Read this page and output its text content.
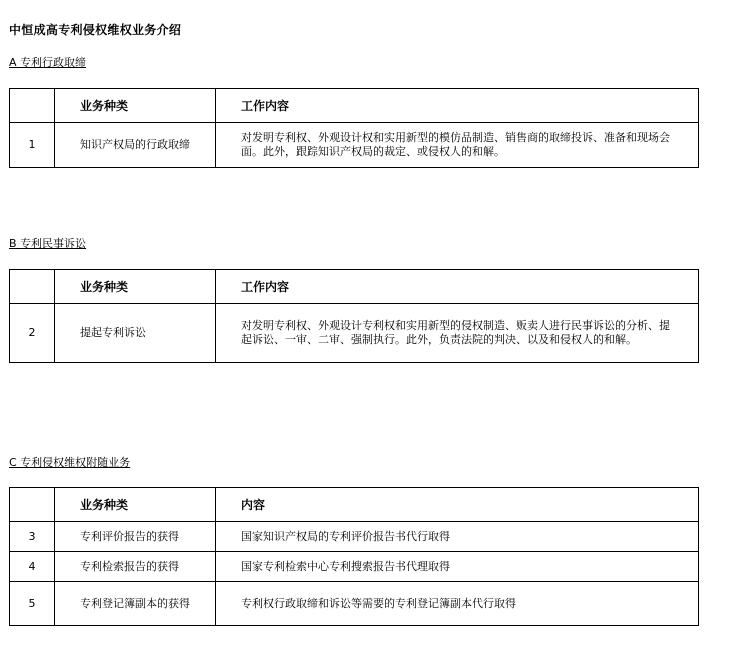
中恒成高专利侵权维权业务介绍
A 专利行政取缔
	业务种类	工作内容
1	知识产权局的行政取缔	对发明专利权、外观设计权和实用新型的模仿品制造、销售商的取缔投诉、准备和现场会面。此外，跟踪知识产权局的裁定、或侵权人的和解。
B 专利民事诉讼
	业务种类	工作内容
2	提起专利诉讼	对发明专利权、外观设计专利权和实用新型的侵权制造、贩卖人进行民事诉讼的分析、提起诉讼、一审、二审、强制执行。此外，负责法院的判决、以及和侵权人的和解。
C 专利侵权维权附随业务
	业务种类	内容
3	专利评价报告的获得	国家知识产权局的专利评价报告书代行取得
4	专利检索报告的获得	国家专利检索中心专利搜索报告书代理取得
5	专利登记簿副本的获得	专利权行政取缔和诉讼等需要的专利登记簿副本代行取得
